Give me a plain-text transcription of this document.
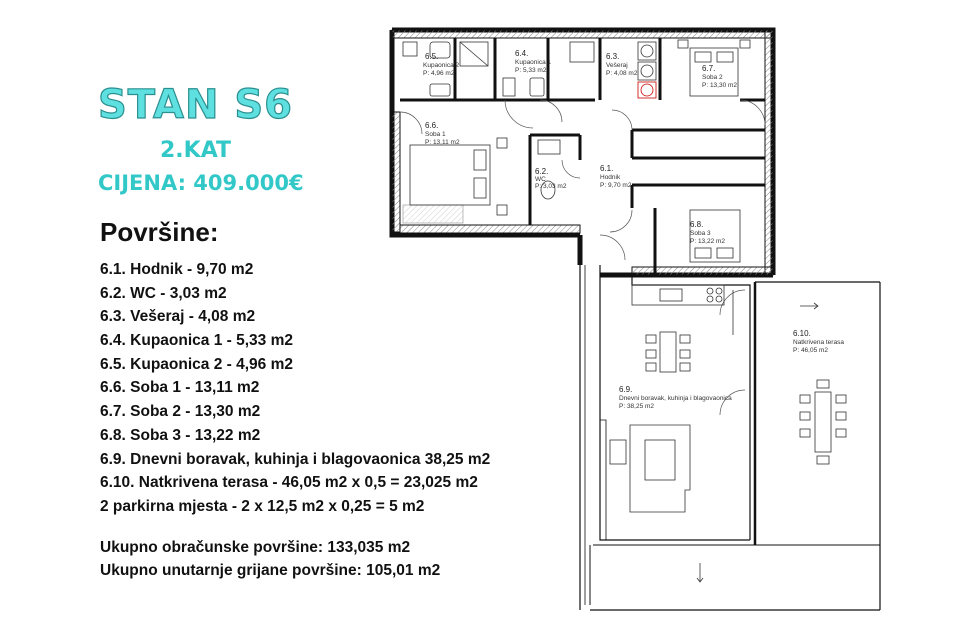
STAN S6
2.KAT
CIJENA: 409.000€
Površine:
6.1. Hodnik - 9,70 m2
6.2. WC - 3,03 m2
6.3. Vešeraj - 4,08 m2
6.4. Kupaonica 1 - 5,33 m2
6.5. Kupaonica 2 - 4,96 m2
6.6. Soba 1 - 13,11 m2
6.7. Soba 2 - 13,30 m2
6.8. Soba 3 - 13,22 m2
6.9. Dnevni boravak, kuhinja i blagovaonica 38,25 m2
6.10. Natkrivena terasa - 46,05 m2 x 0,5 = 23,025 m2
2 parkirna mjesta - 2 x 12,5 m2 x 0,25 = 5 m2
Ukupno obračunske površine: 133,035 m2
Ukupno unutarnje grijane površine: 105,01 m2
6.5.
Kupaonica 2
P: 4,96 m2
6.4.
Kupaonica 1
P: 5,33 m2
6.3.
Vešeraj
P: 4,08 m2
6.7.
Soba 2
P: 13,30 m2
6.6.
Soba 1
P: 13,11 m2
6.2.
WC
P: 3,03 m2
6.1.
Hodnik
P: 9,70 m2
6.8.
Soba 3
P: 13,22 m2
6.9.
Dnevni boravak, kuhinja i blagovaonica
P: 38,25 m2
6.10.
Natkrivena terasa
P: 46,05 m2
